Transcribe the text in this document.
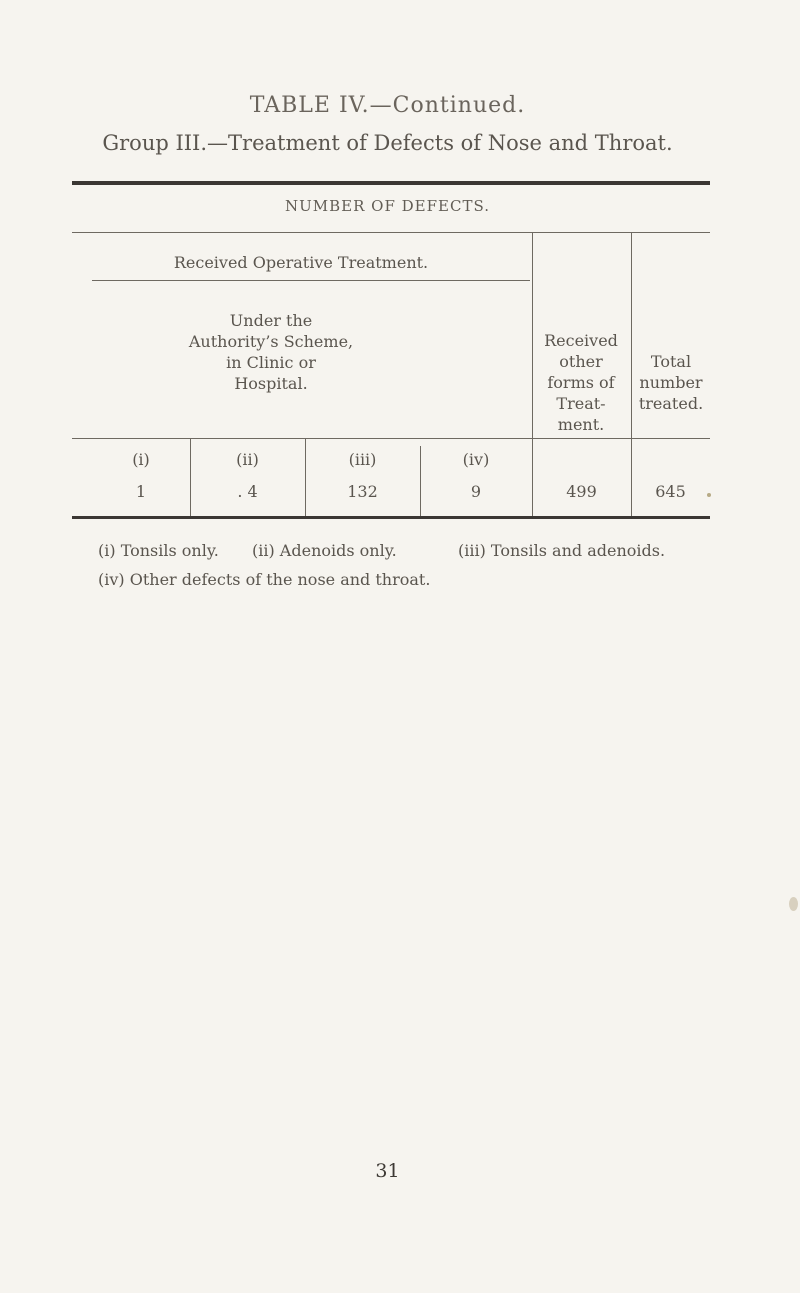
TABLE IV.—Continued.
Group III.—Treatment of Defects of Nose and Throat.
NUMBER OF DEFECTS.
Received Operative Treatment.
Under the Authority’s Scheme, in Clinic or Hospital.
Received other forms of Treat- ment.
Total number treated.
(i)	(ii)	(iii)	(iv)
1	. 4	132	9	499	645
(i) Tonsils only. (ii) Adenoids only.	(iii) Tonsils and adenoids.
(iv) Other defects of the nose and throat.
31
